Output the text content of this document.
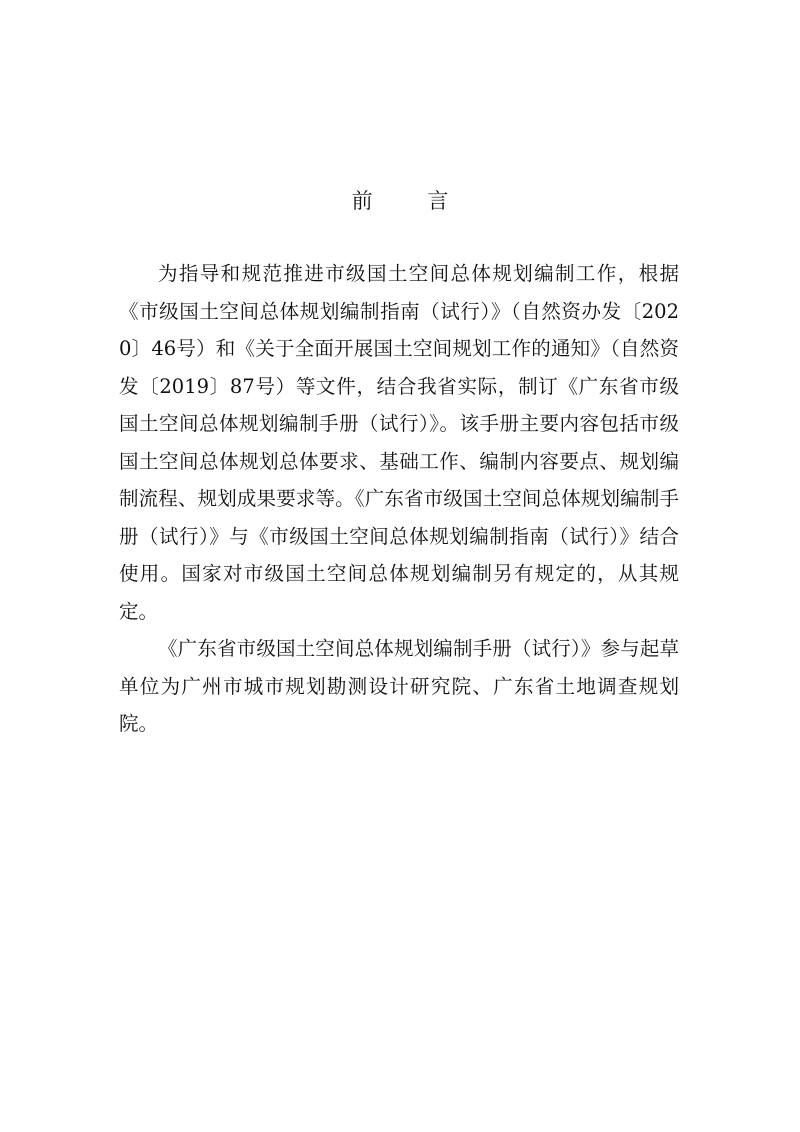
前 言

为指导和规范推进市级国土空间总体规划编制工作，根据《市级国土空间总体规划编制指南（试行）》（自然资办发〔2020〕46号）和《关于全面开展国土空间规划工作的通知》（自然资发〔2019〕87号）等文件，结合我省实际，制订《广东省市级国土空间总体规划编制手册（试行）》。该手册主要内容包括市级国土空间总体规划总体要求、基础工作、编制内容要点、规划编制流程、规划成果要求等。《广东省市级国土空间总体规划编制手册（试行）》与《市级国土空间总体规划编制指南（试行）》结合使用。国家对市级国土空间总体规划编制另有规定的，从其规定。

《广东省市级国土空间总体规划编制手册（试行）》参与起草单位为广州市城市规划勘测设计研究院、广东省土地调查规划院。
